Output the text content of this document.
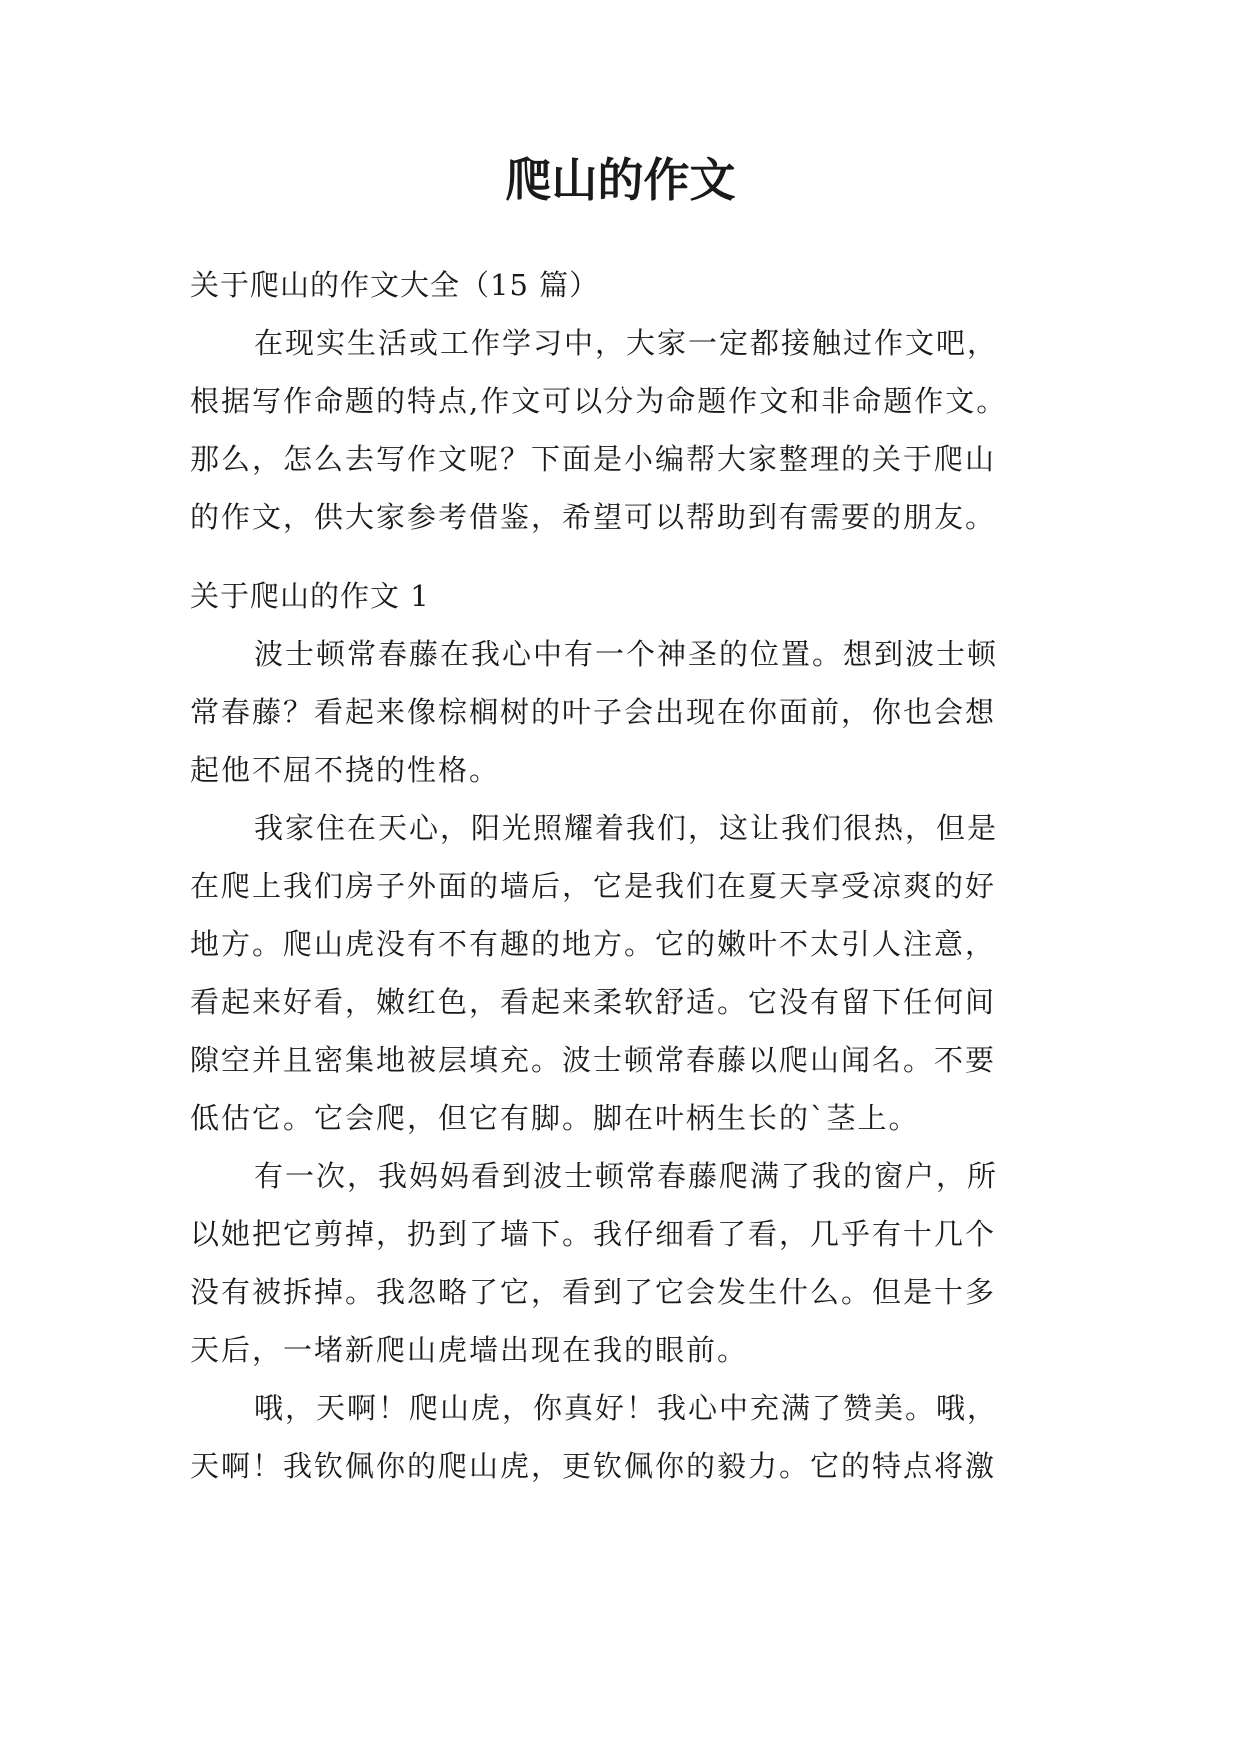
爬山的作文
关于爬山的作文大全（15 篇）
在现实生活或工作学习中，大家一定都接触过作文吧，
根据写作命题的特点,作文可以分为命题作文和非命题作文。
那么，怎么去写作文呢？下面是小编帮大家整理的关于爬山
的作文，供大家参考借鉴，希望可以帮助到有需要的朋友。
关于爬山的作文 1
波士顿常春藤在我心中有一个神圣的位置。想到波士顿
常春藤？看起来像棕榈树的叶子会出现在你面前，你也会想
起他不屈不挠的性格。
我家住在天心，阳光照耀着我们，这让我们很热，但是
在爬上我们房子外面的墙后，它是我们在夏天享受凉爽的好
地方。爬山虎没有不有趣的地方。它的嫩叶不太引人注意，
看起来好看，嫩红色，看起来柔软舒适。它没有留下任何间
隙空并且密集地被层填充。波士顿常春藤以爬山闻名。不要
低估它。它会爬，但它有脚。脚在叶柄生长的`茎上。
有一次，我妈妈看到波士顿常春藤爬满了我的窗户，所
以她把它剪掉，扔到了墙下。我仔细看了看，几乎有十几个
没有被拆掉。我忽略了它，看到了它会发生什么。但是十多
天后，一堵新爬山虎墙出现在我的眼前。
哦，天啊！爬山虎，你真好！我心中充满了赞美。哦，
天啊！我钦佩你的爬山虎，更钦佩你的毅力。它的特点将激
